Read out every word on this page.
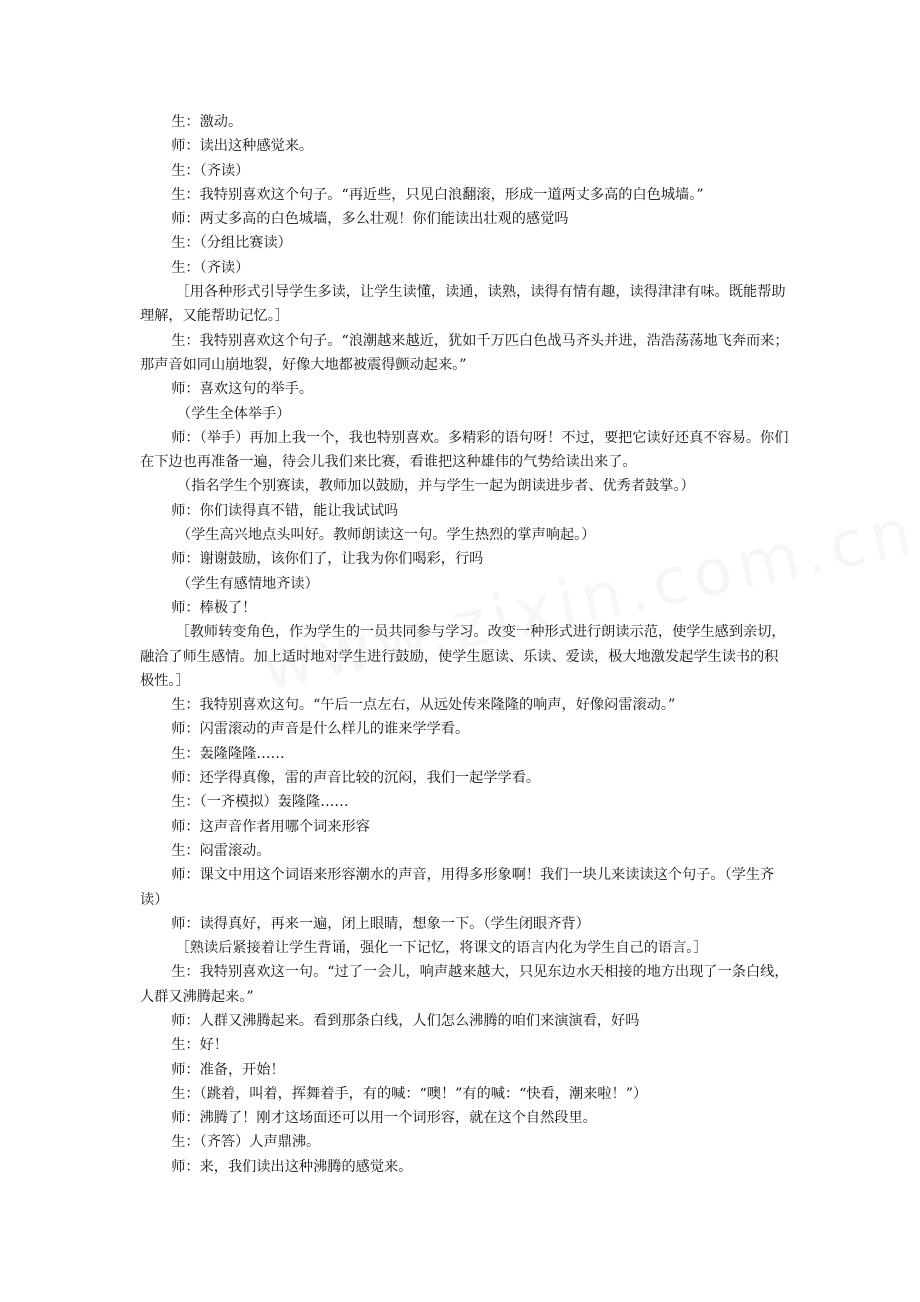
生：激动。

师：读出这种感觉来。

生：（齐读）

生：我特别喜欢这个句子。“再近些，只见白浪翻滚，形成一道两丈多高的白色城墙。”

师：两丈多高的白色城墙，多么壮观！你们能读出壮观的感觉吗

生：（分组比赛读）

生：（齐读）

［用各种形式引导学生多读，让学生读懂，读通，读熟，读得有情有趣，读得津津有味。既能帮助理解，又能帮助记忆。］

生：我特别喜欢这个句子。“浪潮越来越近，犹如千万匹白色战马齐头并进，浩浩荡荡地飞奔而来；那声音如同山崩地裂，好像大地都被震得颤动起来。”

师：喜欢这句的举手。

（学生全体举手）

师：（举手）再加上我一个，我也特别喜欢。多精彩的语句呀！不过，要把它读好还真不容易。你们在下边也再准备一遍，待会儿我们来比赛，看谁把这种雄伟的气势给读出来了。

（指名学生个别赛读，教师加以鼓励，并与学生一起为朗读进步者、优秀者鼓掌。）

师：你们读得真不错，能让我试试吗

（学生高兴地点头叫好。教师朗读这一句。学生热烈的掌声响起。）

师：谢谢鼓励，该你们了，让我为你们喝彩，行吗

（学生有感情地齐读）

师：棒极了！

［教师转变角色，作为学生的一员共同参与学习。改变一种形式进行朗读示范，使学生感到亲切，融洽了师生感情。加上适时地对学生进行鼓励，使学生愿读、乐读、爱读，极大地激发起学生读书的积极性。］

生：我特别喜欢这句。“午后一点左右，从远处传来隆隆的响声，好像闷雷滚动。”

师：闪雷滚动的声音是什么样儿的谁来学学看。

生：轰隆隆隆……

师：还学得真像，雷的声音比较的沉闷，我们一起学学看。

生：（一齐模拟）轰隆隆……

师：这声音作者用哪个词来形容

生：闷雷滚动。

师：课文中用这个词语来形容潮水的声音，用得多形象啊！我们一块儿来读读这个句子。（学生齐读）

师：读得真好，再来一遍，闭上眼睛，想象一下。（学生闭眼齐背）

［熟读后紧接着让学生背诵，强化一下记忆，将课文的语言内化为学生自己的语言。］

生：我特别喜欢这一句。“过了一会儿，响声越来越大，只见东边水天相接的地方出现了一条白线，人群又沸腾起来。”

师：人群又沸腾起来。看到那条白线，人们怎么沸腾的咱们来演演看，好吗

生：好！

师：准备，开始！

生：（跳着，叫着，挥舞着手，有的喊：“噢！”有的喊：“快看，潮来啦！”）

师：沸腾了！刚才这场面还可以用一个词形容，就在这个自然段里。

生：（齐答）人声鼎沸。

师：来，我们读出这种沸腾的感觉来。
